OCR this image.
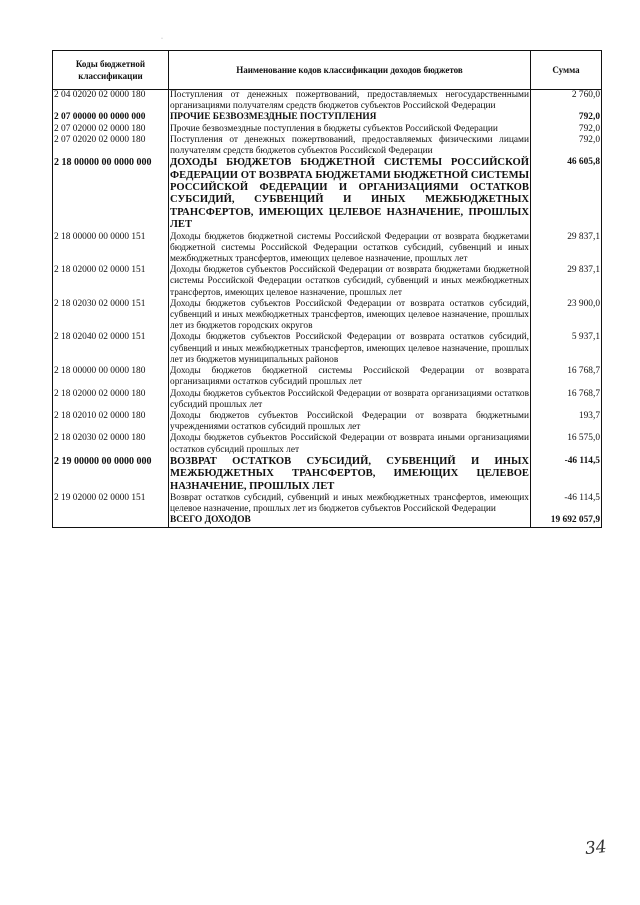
·
Коды бюджетной классификации	Наименование кодов классификации доходов бюджетов	Сумма
2 04 02020 02 0000 180	Поступления от денежных пожертвований, предоставляемых негосударственными организациями получателям средств бюджетов субъектов Российской Федерации	2 760,0
2 07 00000 00 0000 000	ПРОЧИЕ БЕЗВОЗМЕЗДНЫЕ ПОСТУПЛЕНИЯ	792,0
2 07 02000 02 0000 180	Прочие безвозмездные поступления в бюджеты субъектов Российской Федерации	792,0
2 07 02020 02 0000 180	Поступления от денежных пожертвований, предоставляемых физическими лицами получателям средств бюджетов субъектов Российской Федерации	792,0
2 18 00000 00 0000 000	ДОХОДЫ БЮДЖЕТОВ БЮДЖЕТНОЙ СИСТЕМЫ РОССИЙСКОЙ ФЕДЕРАЦИИ ОТ ВОЗВРАТА БЮДЖЕТАМИ БЮДЖЕТНОЙ СИСТЕМЫ РОССИЙСКОЙ ФЕДЕРАЦИИ И ОРГАНИЗАЦИЯМИ ОСТАТКОВ СУБСИДИЙ, СУБВЕНЦИЙ И ИНЫХ МЕЖБЮДЖЕТНЫХ ТРАНСФЕРТОВ, ИМЕЮЩИХ ЦЕЛЕВОЕ НАЗНАЧЕНИЕ, ПРОШЛЫХ ЛЕТ	46 605,8
2 18 00000 00 0000 151	Доходы бюджетов бюджетной системы Российской Федерации от возврата бюджетами бюджетной системы Российской Федерации остатков субсидий, субвенций и иных межбюджетных трансфертов, имеющих целевое назначение, прошлых лет	29 837,1
2 18 02000 02 0000 151	Доходы бюджетов субъектов Российской Федерации от возврата бюджетами бюджетной системы Российской Федерации остатков субсидий, субвенций и иных межбюджетных трансфертов, имеющих целевое назначение, прошлых лет	29 837,1
2 18 02030 02 0000 151	Доходы бюджетов субъектов Российской Федерации от возврата остатков субсидий, субвенций и иных межбюджетных трансфертов, имеющих целевое назначение, прошлых лет из бюджетов городских округов	23 900,0
2 18 02040 02 0000 151	Доходы бюджетов субъектов Российской Федерации от возврата остатков субсидий, субвенций и иных межбюджетных трансфертов, имеющих целевое назначение, прошлых лет из бюджетов муниципальных районов	5 937,1
2 18 00000 00 0000 180	Доходы бюджетов бюджетной системы Российской Федерации от возврата организациями остатков субсидий прошлых лет	16 768,7
2 18 02000 02 0000 180	Доходы бюджетов субъектов Российской Федерации от возврата организациями остатков субсидий прошлых лет	16 768,7
2 18 02010 02 0000 180	Доходы бюджетов субъектов Российской Федерации от возврата бюджетными учреждениями остатков субсидий прошлых лет	193,7
2 18 02030 02 0000 180	Доходы бюджетов субъектов Российской Федерации от возврата иными организациями остатков субсидий прошлых лет	16 575,0
2 19 00000 00 0000 000	ВОЗВРАТ ОСТАТКОВ СУБСИДИЙ, СУБВЕНЦИЙ И ИНЫХ МЕЖБЮДЖЕТНЫХ ТРАНСФЕРТОВ, ИМЕЮЩИХ ЦЕЛЕВОЕ НАЗНАЧЕНИЕ, ПРОШЛЫХ ЛЕТ	-46 114,5
2 19 02000 02 0000 151	Возврат остатков субсидий, субвенций и иных межбюджетных трансфертов, имеющих целевое назначение, прошлых лет из бюджетов субъектов Российской Федерации	-46 114,5
	ВСЕГО ДОХОДОВ	19 692 057,9
34
